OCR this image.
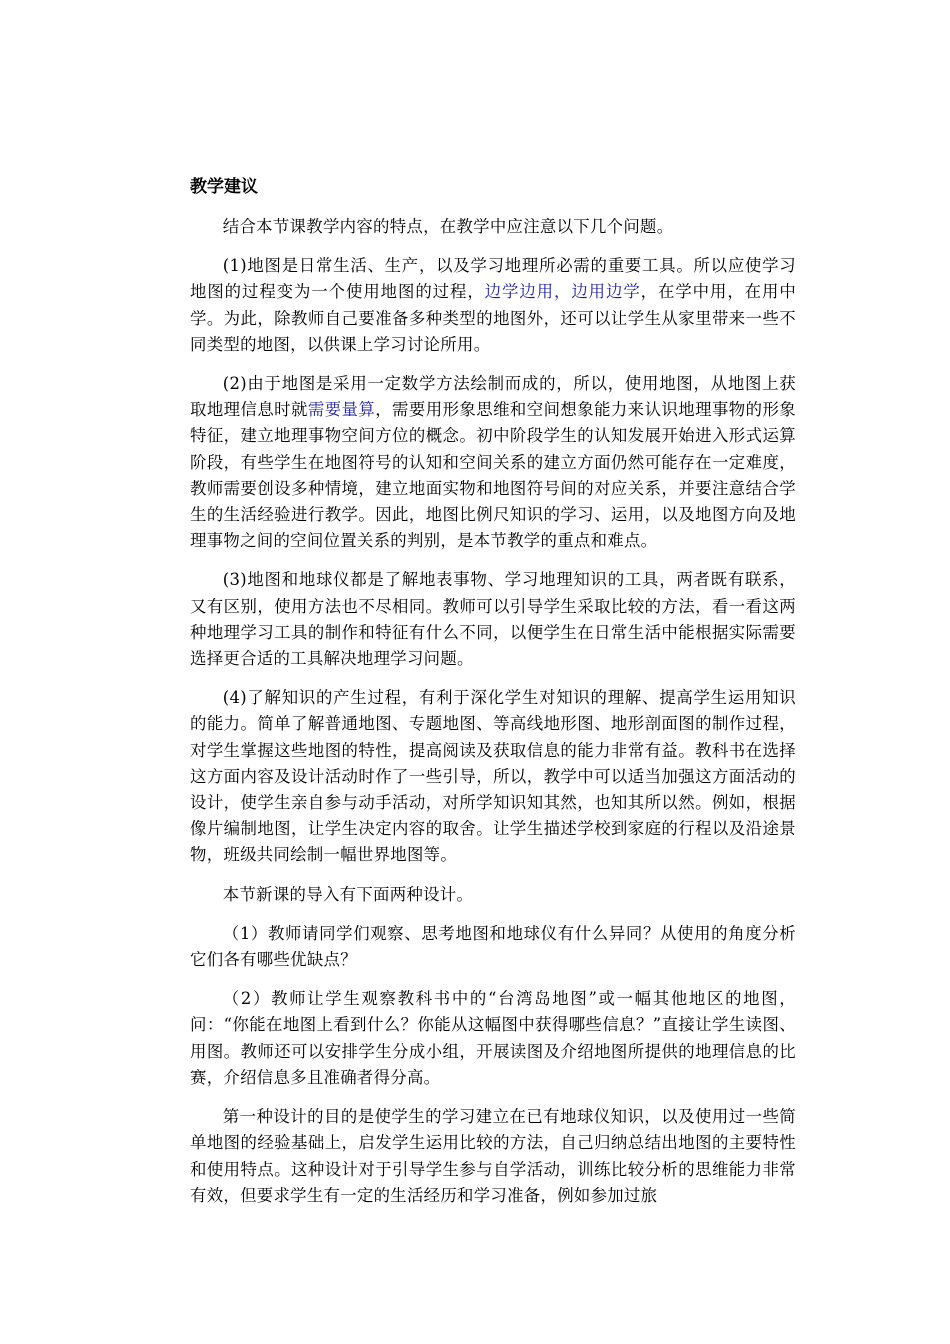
教学建议

结合本节课教学内容的特点，在教学中应注意以下几个问题。

(1)地图是日常生活、生产，以及学习地理所必需的重要工具。所以应使学习地图的过程变为一个使用地图的过程，边学边用，边用边学，在学中用，在用中学。为此，除教师自己要准备多种类型的地图外，还可以让学生从家里带来一些不同类型的地图，以供课上学习讨论所用。

(2)由于地图是采用一定数学方法绘制而成的，所以，使用地图，从地图上获取地理信息时就需要量算，需要用形象思维和空间想象能力来认识地理事物的形象特征，建立地理事物空间方位的概念。初中阶段学生的认知发展开始进入形式运算阶段，有些学生在地图符号的认知和空间关系的建立方面仍然可能存在一定难度，教师需要创设多种情境，建立地面实物和地图符号间的对应关系，并要注意结合学生的生活经验进行教学。因此，地图比例尺知识的学习、运用，以及地图方向及地理事物之间的空间位置关系的判别，是本节教学的重点和难点。

(3)地图和地球仪都是了解地表事物、学习地理知识的工具，两者既有联系，又有区别，使用方法也不尽相同。教师可以引导学生采取比较的方法，看一看这两种地理学习工具的制作和特征有什么不同，以便学生在日常生活中能根据实际需要选择更合适的工具解决地理学习问题。

(4)了解知识的产生过程，有利于深化学生对知识的理解、提高学生运用知识的能力。简单了解普通地图、专题地图、等高线地形图、地形剖面图的制作过程，对学生掌握这些地图的特性，提高阅读及获取信息的能力非常有益。教科书在选择这方面内容及设计活动时作了一些引导，所以，教学中可以适当加强这方面活动的设计，使学生亲自参与动手活动，对所学知识知其然，也知其所以然。例如，根据像片编制地图，让学生决定内容的取舍。让学生描述学校到家庭的行程以及沿途景物，班级共同绘制一幅世界地图等。

本节新课的导入有下面两种设计。

（1）教师请同学们观察、思考地图和地球仪有什么异同？从使用的角度分析它们各有哪些优缺点？

（2）教师让学生观察教科书中的“台湾岛地图”或一幅其他地区的地图，问：“你能在地图上看到什么？你能从这幅图中获得哪些信息？”直接让学生读图、用图。教师还可以安排学生分成小组，开展读图及介绍地图所提供的地理信息的比赛，介绍信息多且准确者得分高。

第一种设计的目的是使学生的学习建立在已有地球仪知识，以及使用过一些简单地图的经验基础上，启发学生运用比较的方法，自己归纳总结出地图的主要特性和使用特点。这种设计对于引导学生参与自学活动，训练比较分析的思维能力非常有效，但要求学生有一定的生活经历和学习准备，例如参加过旅
